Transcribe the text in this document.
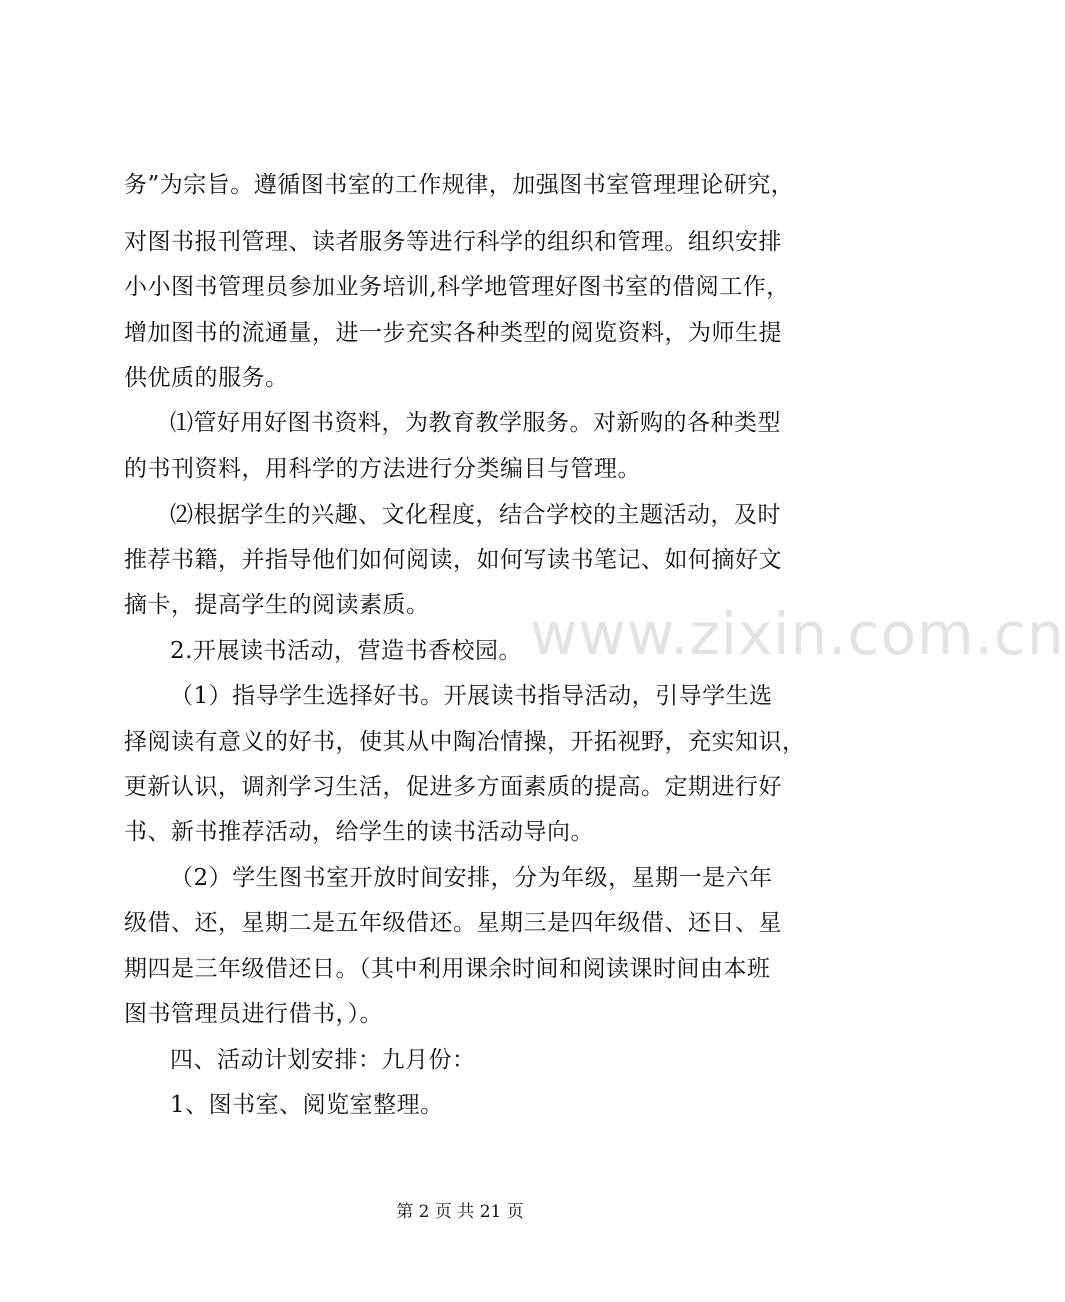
www.zixin.com.cn
务”为宗旨。遵循图书室的工作规律，加强图书室管理理论研究，
对图书报刊管理、读者服务等进行科学的组织和管理。组织安排
小小图书管理员参加业务培训,科学地管理好图书室的借阅工作，
增加图书的流通量，进一步充实各种类型的阅览资料，为师生提
供优质的服务。
⑴管好用好图书资料，为教育教学服务。对新购的各种类型
的书刊资料，用科学的方法进行分类编目与管理。
⑵根据学生的兴趣、文化程度，结合学校的主题活动，及时
推荐书籍，并指导他们如何阅读，如何写读书笔记、如何摘好文
摘卡，提高学生的阅读素质。
2.开展读书活动，营造书香校园。
（1）指导学生选择好书。开展读书指导活动，引导学生选
择阅读有意义的好书，使其从中陶冶情操，开拓视野，充实知识，
更新认识，调剂学习生活，促进多方面素质的提高。定期进行好
书、新书推荐活动，给学生的读书活动导向。
（2）学生图书室开放时间安排，分为年级，星期一是六年
级借、还，星期二是五年级借还。星期三是四年级借、还日、星
期四是三年级借还日。（其中利用课余时间和阅读课时间由本班
图书管理员进行借书，）。
四、活动计划安排：九月份：
1、图书室、阅览室整理。
第 2 页 共 21 页
